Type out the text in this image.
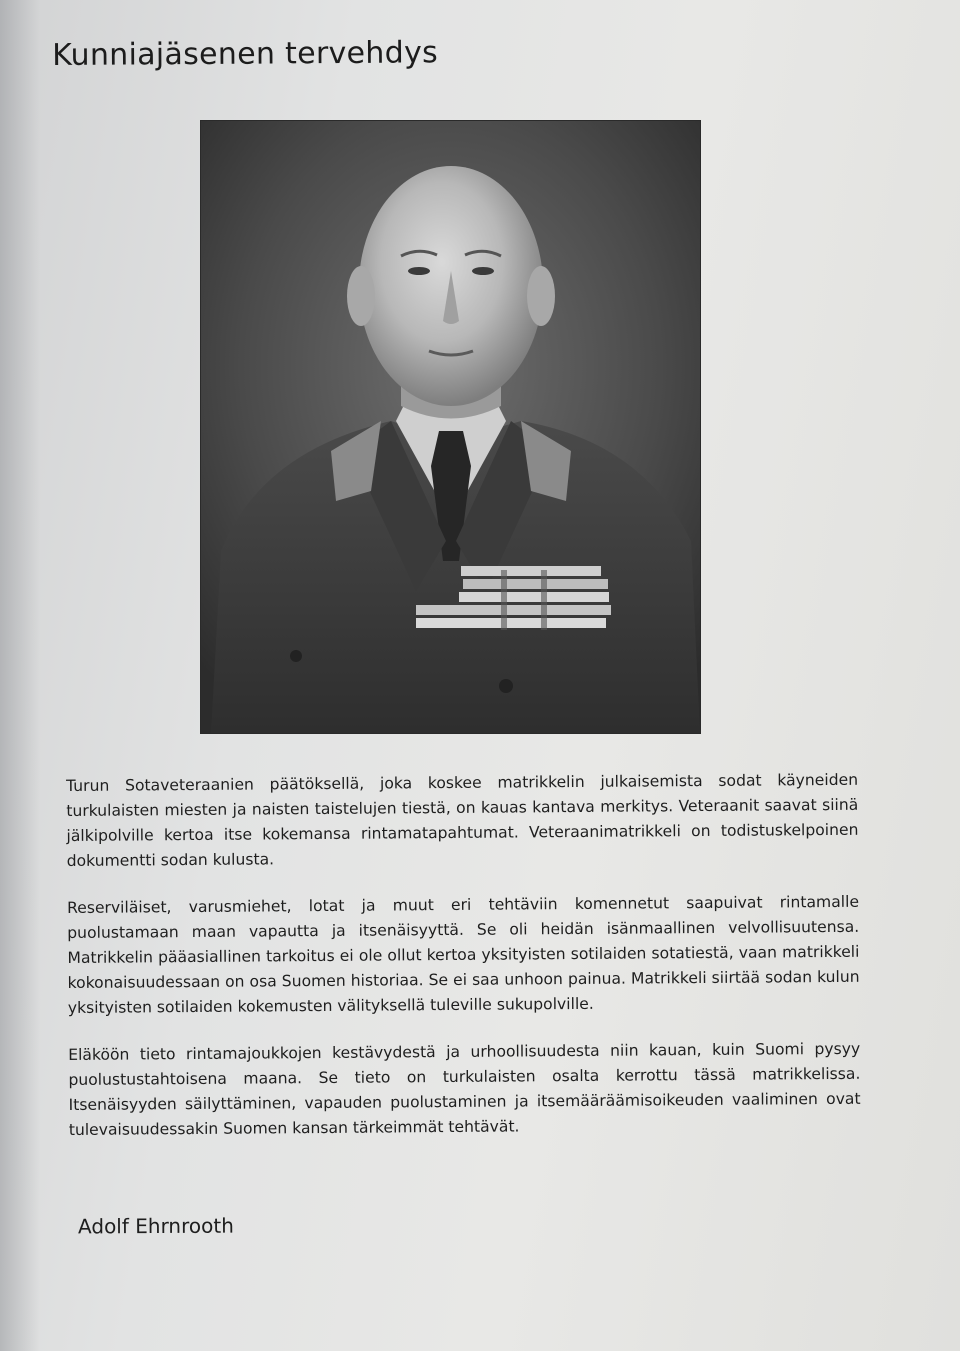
Kunniajäsenen tervehdys

Turun Sotaveteraanien päätöksellä, joka koskee matrikkelin julkaisemista sodat käyneiden turkulaisten miesten ja naisten taistelujen tiestä, on kauas kantava merkitys. Veteraanit saavat siinä jälkipolville kertoa itse kokemansa rintamatapahtumat. Veteraanimatrikkeli on todistuskelpoinen dokumentti sodan kulusta.

Reserviläiset, varusmiehet, lotat ja muut eri tehtäviin komennetut saapuivat rintamalle puolustamaan maan vapautta ja itsenäisyyttä. Se oli heidän isänmaallinen velvollisuutensa. Matrikkelin pääasiallinen tarkoitus ei ole ollut kertoa yksityisten sotilaiden sotatiestä, vaan matrikkeli kokonaisuudessaan on osa Suomen historiaa. Se ei saa unhoon painua. Matrikkeli siirtää sodan kulun yksityisten sotilaiden kokemusten välityksellä tuleville sukupolville.

Eläköön tieto rintamajoukkojen kestävydestä ja urhoollisuudesta niin kauan, kuin Suomi pysyy puolustustahtoisena maana. Se tieto on turkulaisten osalta kerrottu tässä matrikkelissa. Itsenäisyyden säilyttäminen, vapauden puolustaminen ja itsemääräämisoikeuden vaaliminen ovat tulevaisuudessakin Suomen kansan tärkeimmät tehtävät.

Adolf Ehrnrooth
